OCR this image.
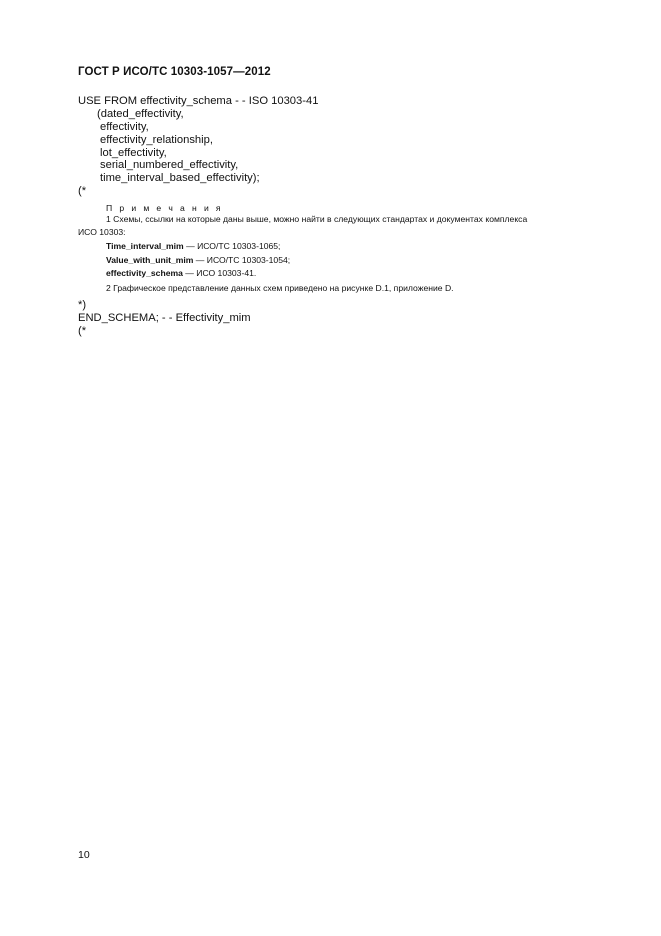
ГОСТ Р ИСО/ТС 10303-1057—2012
USE FROM effectivity_schema - - ISO 10303-41
(dated_effectivity,
effectivity,
effectivity_relationship,
lot_effectivity,
serial_numbered_effectivity,
time_interval_based_effectivity);
(*
П р и м е ч а н и я
1 Схемы, ссылки на которые даны выше, можно найти в следующих стандартах и документах комплекса
ИСО 10303:
Time_interval_mim — ИСО/ТС 10303-1065;
Value_with_unit_mim — ИСО/ТС 10303-1054;
effectivity_schema — ИСО 10303-41.
2 Графическое представление данных схем приведено на рисунке D.1, приложение D.
*)
END_SCHEMA; - - Effectivity_mim
(*
10
